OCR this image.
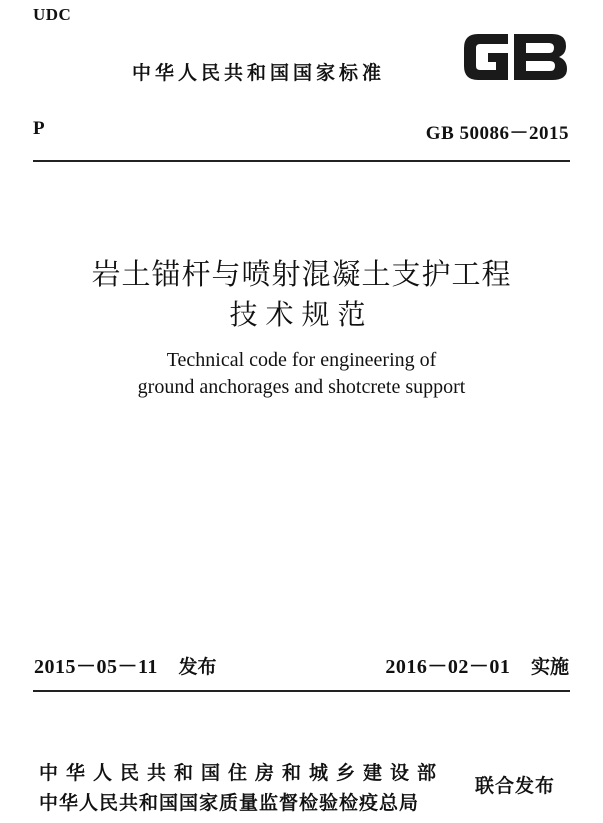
UDC
中华人民共和国国家标准
P	GB 50086－2015
岩土锚杆与喷射混凝土支护工程
技术规范
Technical code for engineering of
ground anchorages and shotcrete support
2015－05－11 发布	2016－02－01 实施
中华人民共和国住房和城乡建设部
中华人民共和国国家质量监督检验检疫总局
联合发布
